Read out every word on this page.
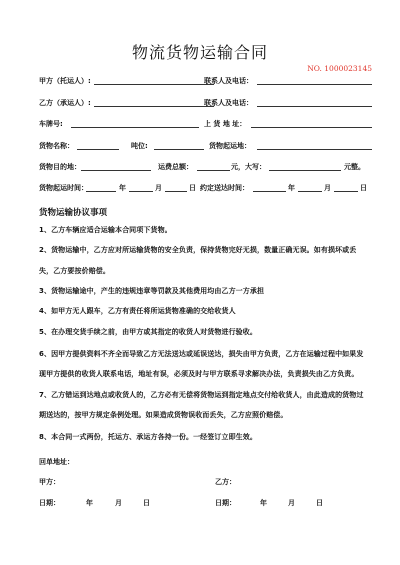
物流货物运输合同
NO. 1000023145
甲方（托运人）:	联系人及电话：
乙方（承运人）:	联系人及电话：
车牌号:	上 货 地 址：
货物名称：	吨位:	货物起运地：
货物目的地：	运费总额：	元，大写：	元整。
货物起运时间：	年	月	日 约定送达时间：	年	月	日
货物运输协议事项
1、乙方车辆应适合运输本合同项下货物。
2、货物运输中，乙方应对所运输货物的安全负责，保持货物完好无损，数量正确无误。如有损坏或丢
失，乙方要按价赔偿。
3、货物运输途中，产生的违规违章等罚款及其他费用均由乙方一方承担
4、如甲方无人跟车，乙方有责任将所运货物准确的交给收货人
5、在办理交货手续之前，由甲方或其指定的收货人对货物进行验收。
6、因甲方提供资料不齐全而导致乙方无法送达或延误送达，损失由甲方负责，乙方在运输过程中如果发
现甲方提供的收货人联系电话，地址有误，必须及时与甲方联系寻求解决办法，负责损失由乙方负责。
7、乙方错运到达地点或收货人的，乙方必有无偿将货物运到指定地点交付给收货人，由此造成的货物过
期送达的，按甲方规定条例处理。如果造成货物误收而丢失，乙方应照价赔偿。
8、本合同一式两份，托运方、承运方各持一份。一经签订立即生效。
回单地址：
甲方：	乙方：
日期：	年	月	日	日期：	年	月	日
